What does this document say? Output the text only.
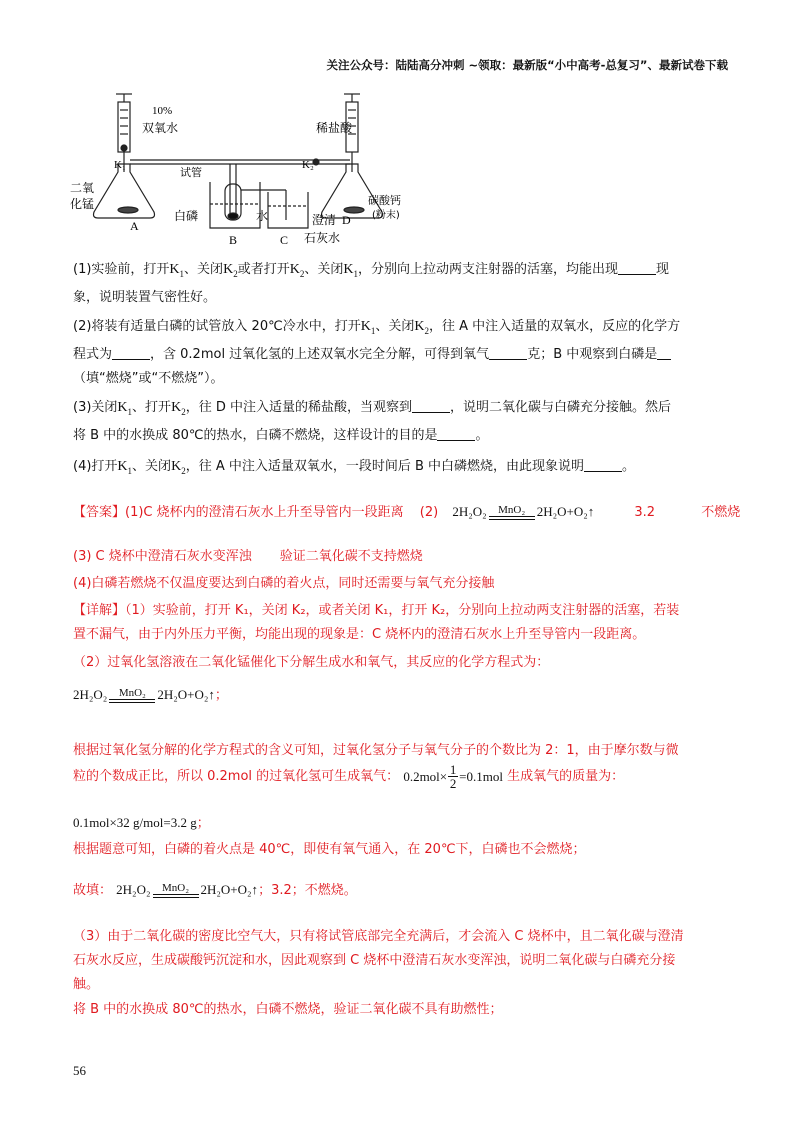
关注公众号：陆陆高分冲刺 ~领取：最新版“小中高考-总复习”、最新试卷下载
10%
双氧水
K₁
稀盐酸
K₂
二氧
化锰
A
试管
白磷	水
B	C
澄清
石灰水
D
碳酸钙
(粉末)
(1)实验前，打开$K_1$、关闭$K_2$或者打开$K_2$、关闭$K_1$，分别向上拉动两支注射器的活塞，均能出现	现
象，说明装置气密性好。
(2)将装有适量白磷的试管放入 20℃冷水中，打开$K_1$、关闭$K_2$，往 A 中注入适量的双氧水，反应的化学方
程式为	，含 0.2mol 过氧化氢的上述双氧水完全分解，可得到氧气	克；B 中观察到白磷是
（填“燃烧”或“不燃烧”）。
(3)关闭$K_1$、打开$K_2$，往 D 中注入适量的稀盐酸，当观察到	，说明二氧化碳与白磷充分接触。然后
将 B 中的水换成 80℃的热水，白磷不燃烧，这样设计的目的是	。
(4)打开$K_1$、关闭$K_2$，往 A 中注入适量双氧水，一段时间后 B 中白磷燃烧，由此现象说明	。
【答案】(1)C 烧杯内的澄清石灰水上升至导管内一段距离 (2) 2H₂O₂ MnO₂ 2H₂O+O₂↑	3.2	不燃烧
(3) C 烧杯中澄清石灰水变浑浊 验证二氧化碳不支持燃烧
(4)白磷若燃烧不仅温度要达到白磷的着火点，同时还需要与氧气充分接触
【详解】（1）实验前，打开 K₁，关闭 K₂，或者关闭 K₁，打开 K₂，分别向上拉动两支注射器的活塞，若装
置不漏气，由于内外压力平衡，均能出现的现象是：C 烧杯内的澄清石灰水上升至导管内一段距离。
（2）过氧化氢溶液在二氧化锰催化下分解生成水和氧气，其反应的化学方程式为：
2H₂O₂ MnO₂ 2H₂O+O₂↑ ；
根据过氧化氢分解的化学方程式的含义可知，过氧化氢分子与氧气分子的个数比为 2：1，由于摩尔数与微
粒的个数成正比，所以 0.2mol 的过氧化氢可生成氧气： 0.2mol× 1
2 =0.1mol 生成氧气的质量为：
0.1mol×32 g/mol=3.2 g；
根据题意可知，白磷的着火点是 40℃，即使有氧气通入，在 20℃下，白磷也不会燃烧；
故填： 2H₂O₂ MnO₂ 2H₂O+O₂↑ ；3.2；不燃烧。
（3）由于二氧化碳的密度比空气大，只有将试管底部完全充满后，才会流入 C 烧杯中，且二氧化碳与澄清
石灰水反应，生成碳酸钙沉淀和水，因此观察到 C 烧杯中澄清石灰水变浑浊，说明二氧化碳与白磷充分接
触。
将 B 中的水换成 80℃的热水，白磷不燃烧，验证二氧化碳不具有助燃性；
56
